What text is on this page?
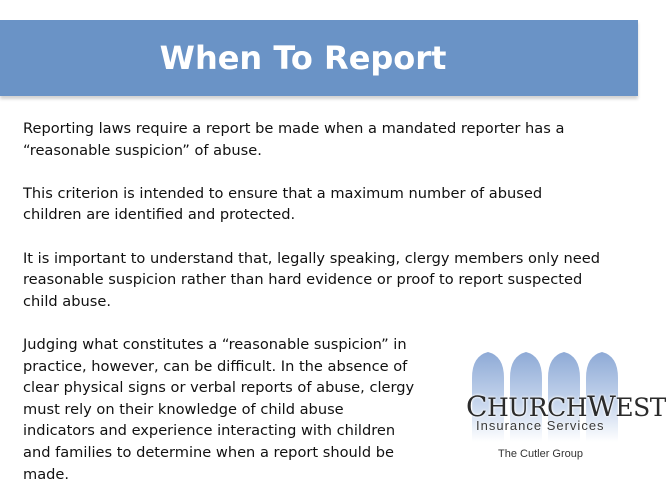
When To Report

Reporting laws require a report be made when a mandated reporter has a “reasonable suspicion” of abuse.

This criterion is intended to ensure that a maximum number of abused children are identified and protected.

It is important to understand that, legally speaking, clergy members only need reasonable suspicion rather than hard evidence or proof to report suspected child abuse.

Judging what constitutes a “reasonable suspicion” in practice, however, can be difficult. In the absence of clear physical signs or verbal reports of abuse, clergy must rely on their knowledge of child abuse indicators and experience interacting with children and families to determine when a report should be made.

CHURCHWEST
Insurance Services
The Cutler Group
